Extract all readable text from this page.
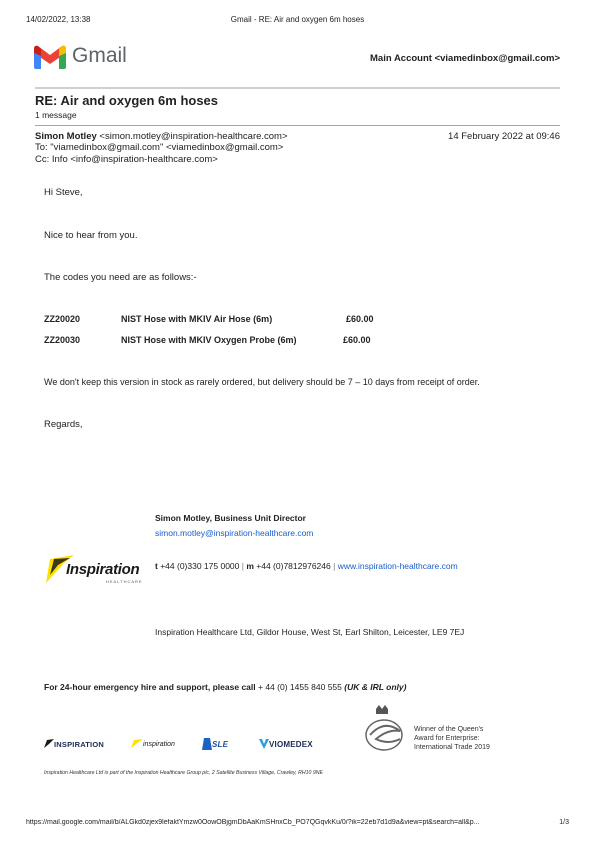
14/02/2022, 13:38	Gmail - RE: Air and oxygen 6m hoses
Gmail	Main Account <viamedinbox@gmail.com>
RE: Air and oxygen 6m hoses
1 message
Simon Motley <simon.motley@inspiration-healthcare.com>	14 February 2022 at 09:46
To: "viamedinbox@gmail.com" <viamedinbox@gmail.com>
Cc: Info <info@inspiration-healthcare.com>
Hi Steve,
Nice to hear from you.
The codes you need are as follows:-
ZZ20020	NIST Hose with MKIV Air Hose (6m)	£60.00
ZZ20030	NIST Hose with MKIV Oxygen Probe (6m)	£60.00
We don't keep this version in stock as rarely ordered, but delivery should be 7 – 10 days from receipt of order.
Regards,
Simon Motley, Business Unit Director
simon.motley@inspiration-healthcare.com
Inspiration
HEALTHCARE
t +44 (0)330 175 0000 | m +44 (0)7812976246 | www.inspiration-healthcare.com
Inspiration Healthcare Ltd, Gildor House, West St, Earl Shilton, Leicester, LE9 7EJ
For 24-hour emergency hire and support, please call + 44 (0) 1455 840 555 (UK & IRL only)
INSPIRATION	inspiration	SLE	VIOMEDEX
Winner of the Queen's
Award for Enterprise:
International Trade 2019
Inspiration Healthcare Ltd is part of the Inspiration Healthcare Group plc, 2 Satellite Business Village, Crawley, RH10 9NE
https://mail.google.com/mail/b/ALGkd0zjex9lefaktYmzw0OowOBjgmDbAaKmSHnxCb_PO7QGqvkKu/0/?ik=22eb7d1d9a&view=pt&search=all&p...	1/3
